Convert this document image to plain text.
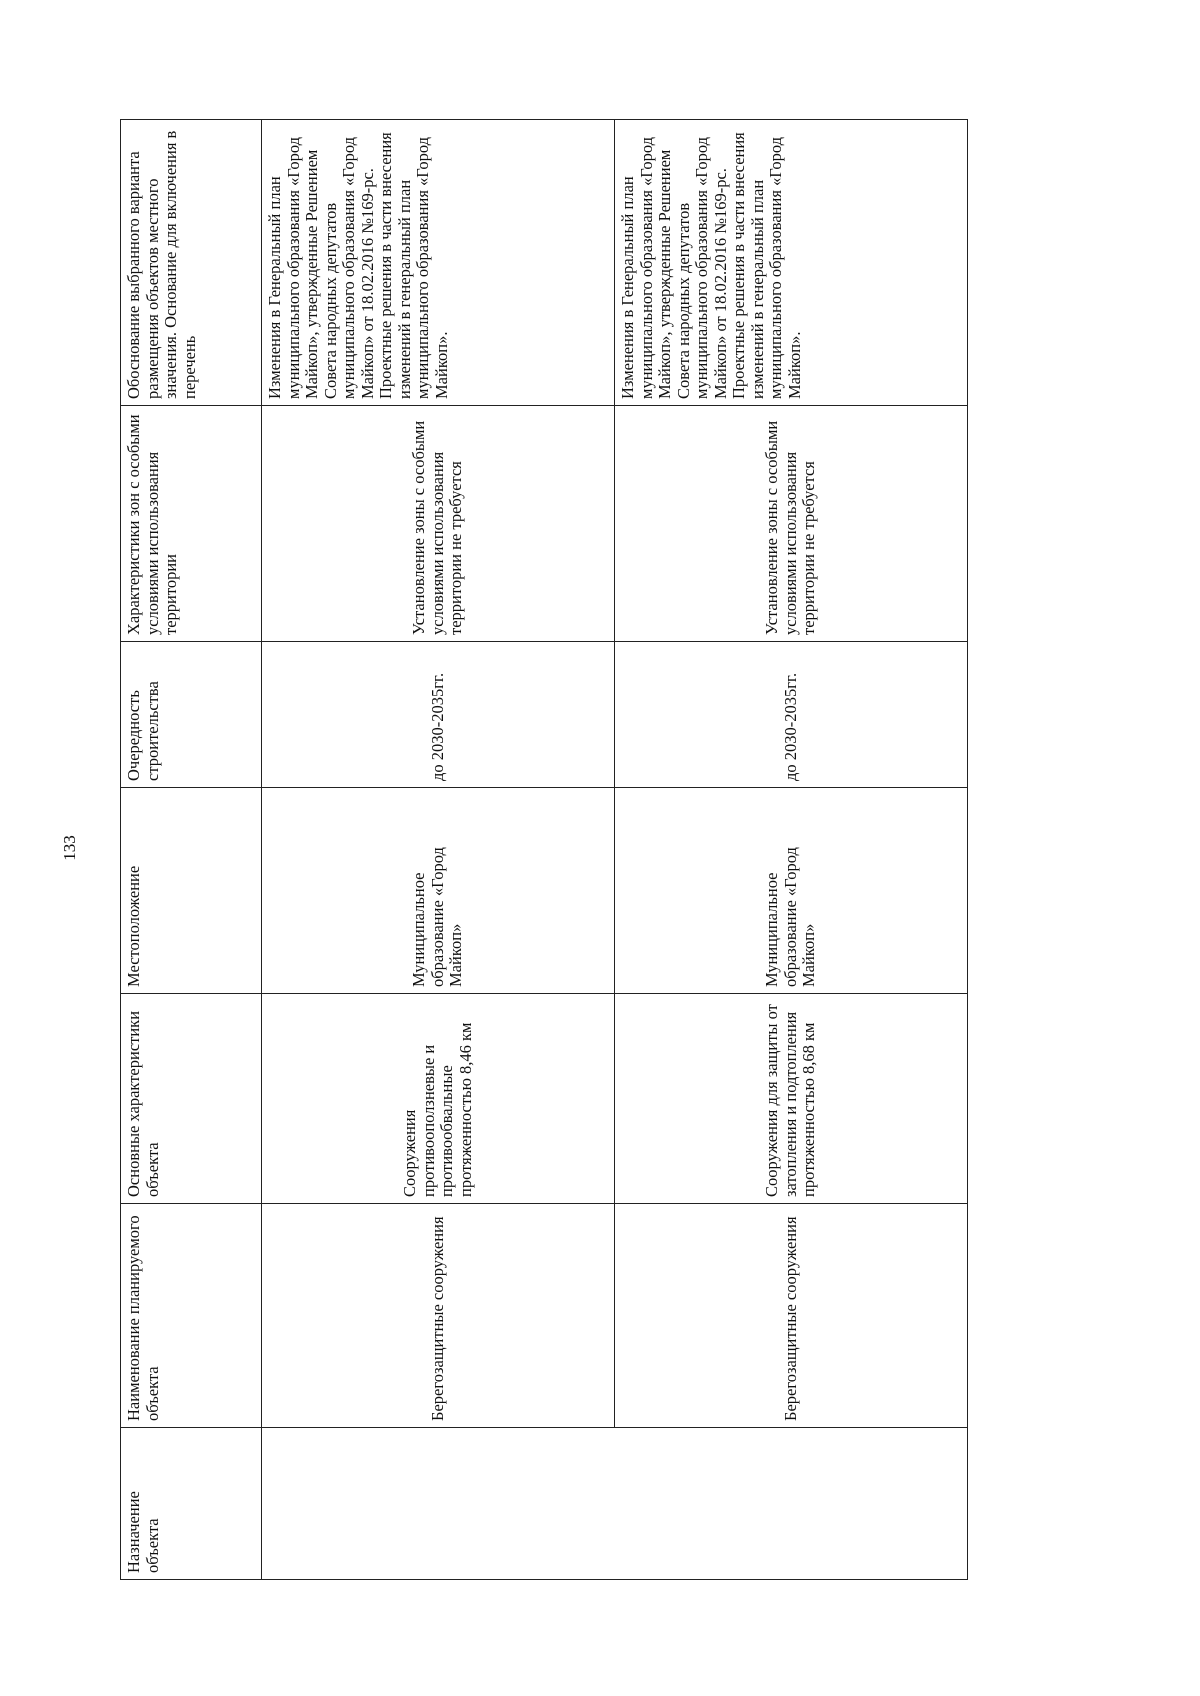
133
Назначение объекта	Наименование планируемого объекта	Основные характеристики объекта	Местоположение	Очередность строительства	Характеристики зон с особыми условиями использования территории	Обоснование выбранного варианта размещения объектов местного значения. Основание для включения в перечень
	Берегозащитные сооружения	Сооружения противооползневые и противообвальные протяженностью 8,46 км	Муниципальное образование «Город Майкоп»	до 2030-2035гг.	Установление зоны с особыми условиями использования территории не требуется	Изменения в Генеральный план муниципального образования «Город Майкоп», утвержденные Решением Совета народных депутатов муниципального образования «Город Майкоп» от 18.02.2016 №169-рс. Проектные решения в части внесения изменений в генеральный план муниципального образования «Город Майкоп».
	Берегозащитные сооружения	Сооружения для защиты от затопления и подтопления протяженностью 8,68 км	Муниципальное образование «Город Майкоп»	до 2030-2035гг.	Установление зоны с особыми условиями использования территории не требуется	Изменения в Генеральный план муниципального образования «Город Майкоп», утвержденные Решением Совета народных депутатов муниципального образования «Город Майкоп» от 18.02.2016 №169-рс. Проектные решения в части внесения изменений в генеральный план муниципального образования «Город Майкоп».
